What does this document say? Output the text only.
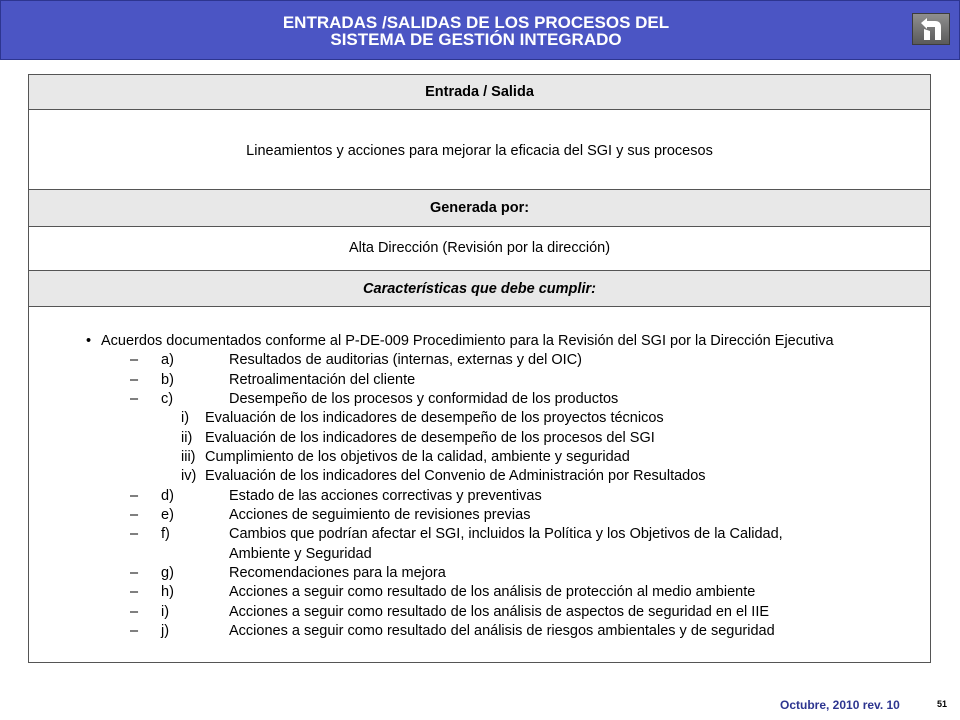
ENTRADAS /SALIDAS DE LOS PROCESOS DEL
SISTEMA DE GESTIÓN INTEGRADO
Entrada / Salida
Lineamientos y acciones para mejorar la eficacia del SGI y sus procesos
Generada por:
Alta Dirección (Revisión por la dirección)
Características que debe cumplir:
• Acuerdos documentados conforme al P-DE-009 Procedimiento para la Revisión del SGI por la Dirección Ejecutiva
– a)	Resultados de auditorias (internas, externas y del OIC)
– b)	Retroalimentación del cliente
– c)	Desempeño de los procesos y conformidad de los productos
i) Evaluación de los indicadores de desempeño de los proyectos técnicos
ii) Evaluación de los indicadores de desempeño de los procesos del SGI
iii) Cumplimiento de los objetivos de la calidad, ambiente y seguridad
iv) Evaluación de los indicadores del Convenio de Administración por Resultados
– d)	Estado de las acciones correctivas y preventivas
– e)	Acciones de seguimiento de revisiones previas
– f)	Cambios que podrían afectar el SGI, incluidos la Política y los Objetivos de la Calidad,
Ambiente y Seguridad
– g)	Recomendaciones para la mejora
– h)	Acciones a seguir como resultado de los análisis de protección al medio ambiente
– i)	Acciones a seguir como resultado de los análisis de aspectos de seguridad en el IIE
– j)	Acciones a seguir como resultado del análisis de riesgos ambientales y de seguridad
Octubre, 2010 rev. 10	51
